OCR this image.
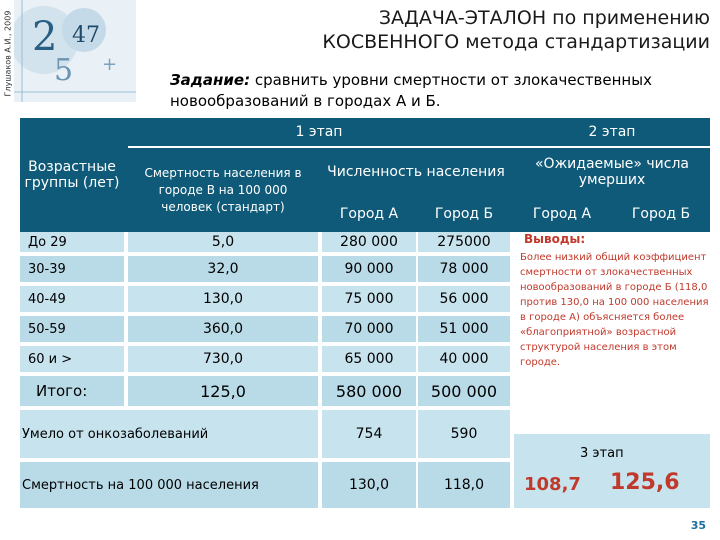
Глушаков А.И., 2009 2 47
5 +
ЗАДАЧА-ЭТАЛОН по применению
КОСВЕННОГО метода стандартизации
Задание: сравнить уровни смертности от злокачественных новообразований в городах А и Б.
Возрастные группы (лет)
1 этап	2 этап
Смертность населения в городе В на 100 000 человек (стандарт)
Численность населения	«Ожидаемые» числа умерших
Город А	Город Б	Город А	Город Б
До 29	5,0	280 000	275000
30-39	32,0	90 000	78 000
40-49	130,0	75 000	56 000
50-59	360,0	70 000	51 000
60 и >	730,0	65 000	40 000
Итого:	125,0	580 000	500 000
Умело от онкозаболеваний	754	590
Смертность на 100 000 населения	130,0	118,0
Выводы:
Более низкий общий коэффициент смертности от злокачественных новообразований в городе Б (118,0 против 130,0 на 100 000 населения в городе А) объясняется более «благоприятной» возрастной структурой населения в этом городе.
3 этап
108,7 125,6
35
